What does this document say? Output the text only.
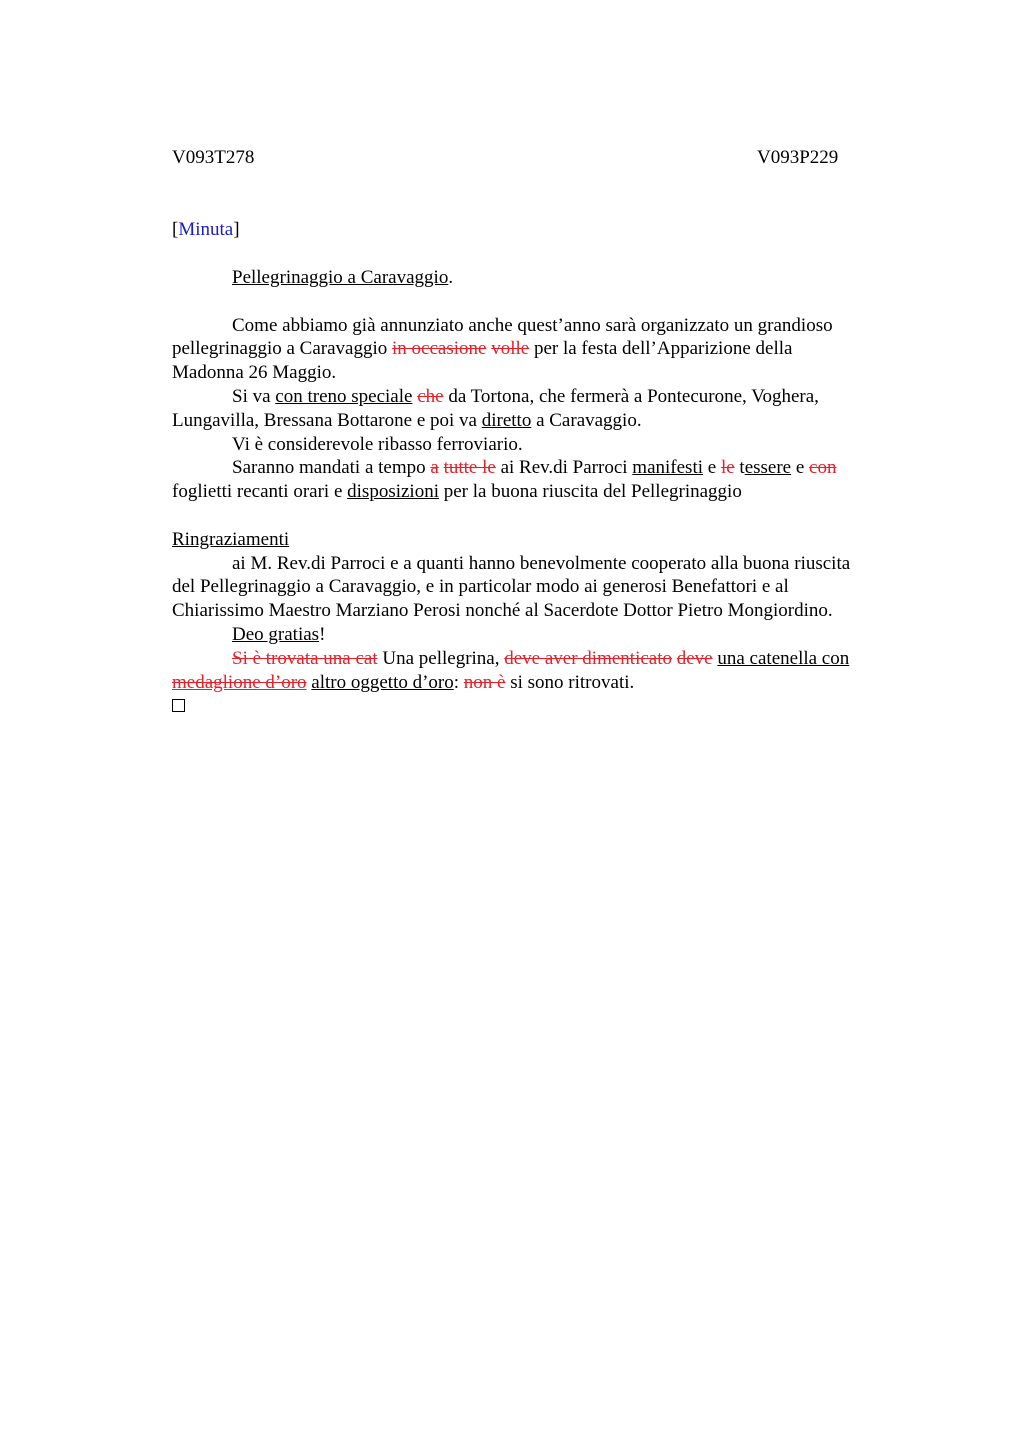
V093T278	V093P229
[Minuta]
Pellegrinaggio a Caravaggio.
Come abbiamo già annunziato anche quest’anno sarà organizzato un grandioso
pellegrinaggio a Caravaggio in occasione volle per la festa dell’Apparizione della
Madonna 26 Maggio.
Si va con treno speciale che da Tortona, che fermerà a Pontecurone, Voghera,
Lungavilla, Bressana Bottarone e poi va diretto a Caravaggio.
Vi è considerevole ribasso ferroviario.
Saranno mandati a tempo a tutte le ai Rev.di Parroci manifesti e le tessere e con
foglietti recanti orari e disposizioni per la buona riuscita del Pellegrinaggio
Ringraziamenti
ai M. Rev.di Parroci e a quanti hanno benevolmente cooperato alla buona riuscita
del Pellegrinaggio a Caravaggio, e in particolar modo ai generosi Benefattori e al
Chiarissimo Maestro Marziano Perosi nonché al Sacerdote Dottor Pietro Mongiordino.
Deo gratias!
Si è trovata una cat Una pellegrina, deve aver dimenticato deve una catenella con
medaglione d’oro altro oggetto d’oro: non è si sono ritrovati.
